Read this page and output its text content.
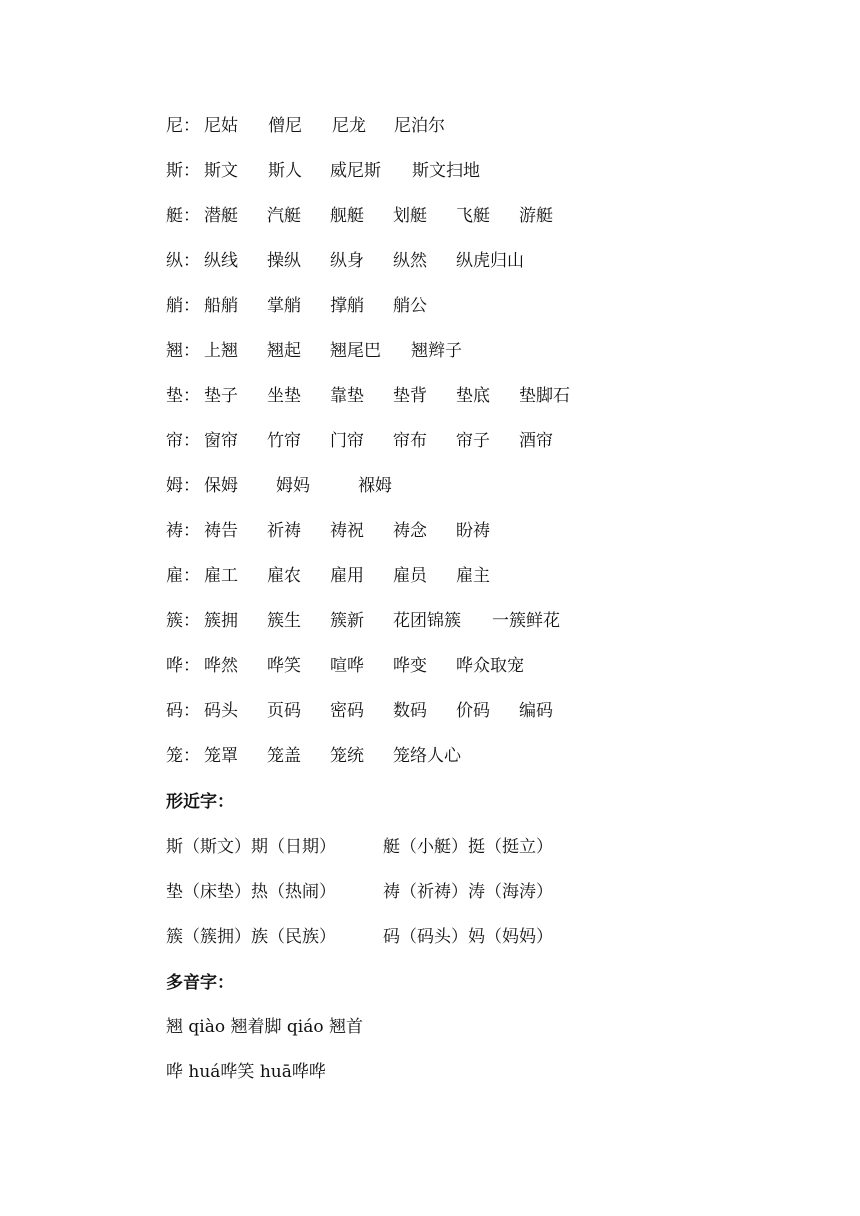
尼： 尼姑	僧尼	尼龙	尼泊尔
斯： 斯文	斯人	威尼斯	斯文扫地
艇： 潜艇	汽艇	舰艇	划艇	飞艇	游艇
纵： 纵线	操纵	纵身	纵然	纵虎归山
艄： 船艄	掌艄	撑艄	艄公
翘： 上翘	翘起	翘尾巴	翘辫子
垫： 垫子	坐垫	靠垫	垫背	垫底	垫脚石
帘： 窗帘	竹帘	门帘	帘布	帘子	酒帘
姆： 保姆	姆妈	褓姆
祷： 祷告	祈祷	祷祝	祷念	盼祷
雇： 雇工	雇农	雇用	雇员	雇主
簇： 簇拥	簇生	簇新	花团锦簇	一簇鲜花
哗： 哗然	哗笑	喧哗	哗变	哗众取宠
码： 码头	页码	密码	数码	价码	编码
笼： 笼罩	笼盖	笼统	笼络人心
形近字：
斯（斯文）期（日期）	艇（小艇）挺（挺立）
垫（床垫）热（热闹）	祷（祈祷）涛（海涛）
簇（簇拥）族（民族）	码（码头）妈（妈妈）
多音字：
翘 qiào 翘着脚 qiáo 翘首
哗 huá哗笑 huā哗哗
